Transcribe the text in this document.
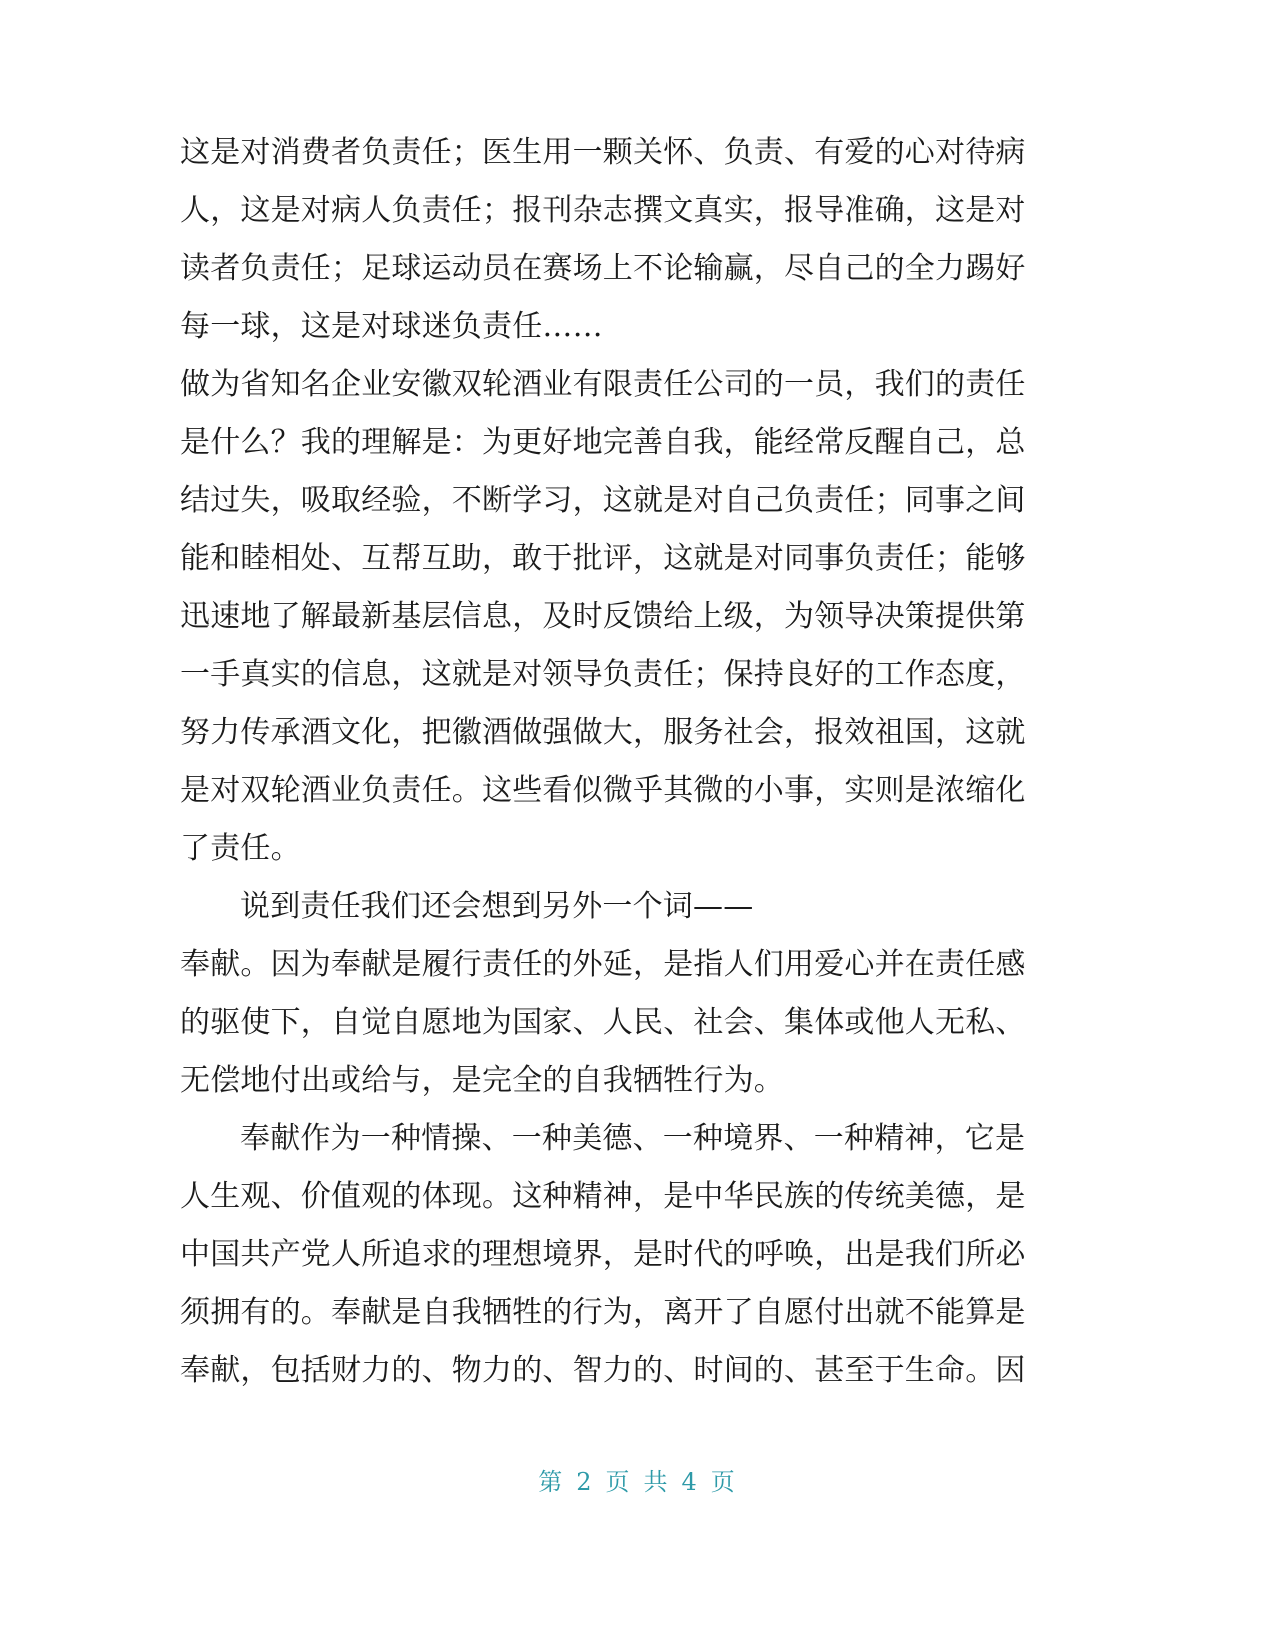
这是对消费者负责任；医生用一颗关怀、负责、有爱的心对待病
人，这是对病人负责任；报刊杂志撰文真实，报导准确，这是对
读者负责任；足球运动员在赛场上不论输赢，尽自己的全力踢好
每一球，这是对球迷负责任……
做为省知名企业安徽双轮酒业有限责任公司的一员，我们的责任
是什么？我的理解是：为更好地完善自我，能经常反醒自己，总
结过失，吸取经验，不断学习，这就是对自己负责任；同事之间
能和睦相处、互帮互助，敢于批评，这就是对同事负责任；能够
迅速地了解最新基层信息，及时反馈给上级，为领导决策提供第
一手真实的信息，这就是对领导负责任；保持良好的工作态度，
努力传承酒文化，把徽酒做强做大，服务社会，报效祖国，这就
是对双轮酒业负责任。这些看似微乎其微的小事，实则是浓缩化
了责任。
说到责任我们还会想到另外一个词——
奉献。因为奉献是履行责任的外延，是指人们用爱心并在责任感
的驱使下，自觉自愿地为国家、人民、社会、集体或他人无私、
无偿地付出或给与，是完全的自我牺牲行为。
奉献作为一种情操、一种美德、一种境界、一种精神，它是
人生观、价值观的体现。这种精神，是中华民族的传统美德，是
中国共产党人所追求的理想境界，是时代的呼唤，出是我们所必
须拥有的。奉献是自我牺牲的行为，离开了自愿付出就不能算是
奉献，包括财力的、物力的、智力的、时间的、甚至于生命。因
第 2 页 共 4 页
